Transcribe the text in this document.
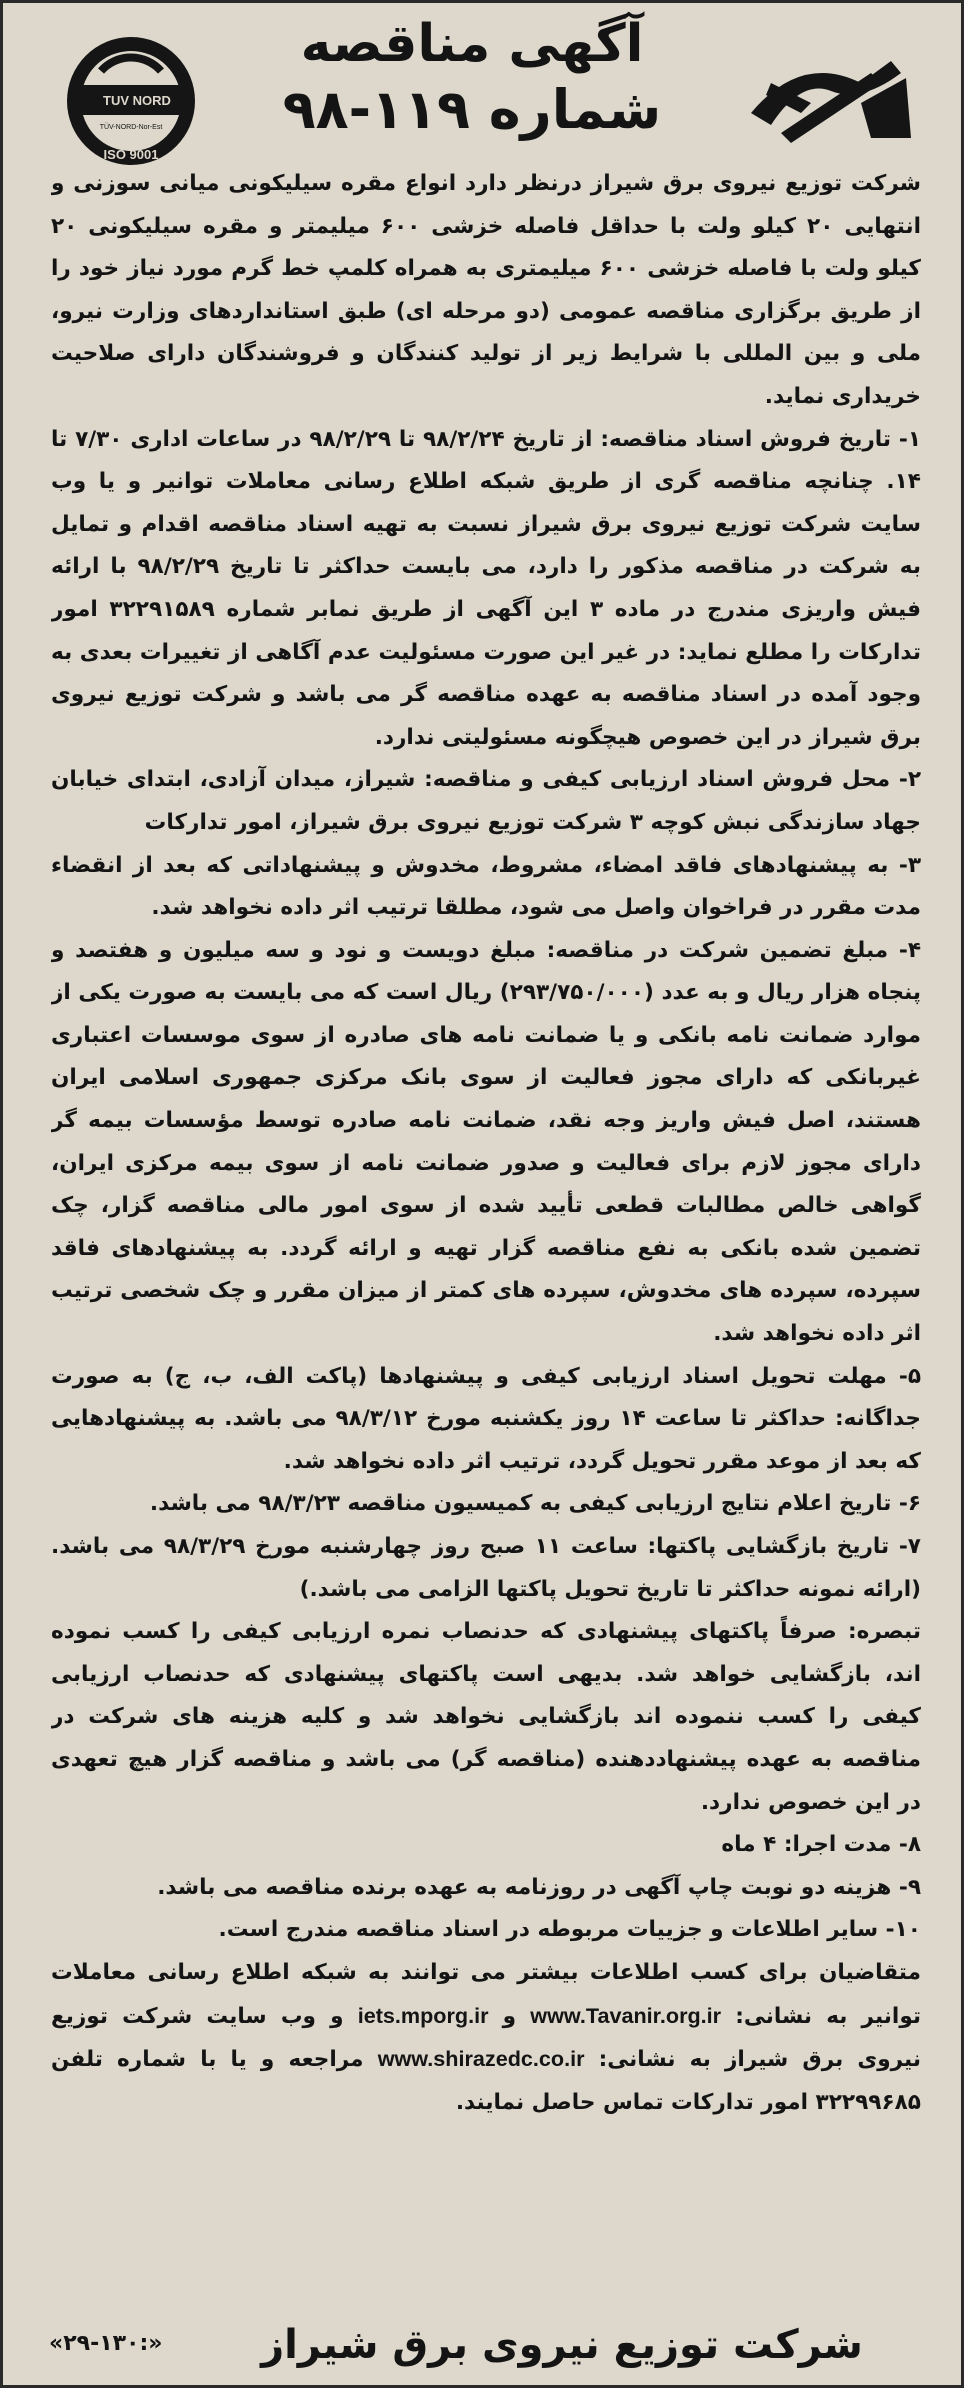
TUV NORD
TÜV-NORD-Nor-Est
ISO 9001
آگهی مناقصه
شماره ۱۱۹-۹۸

شرکت توزیع نیروی برق شیراز درنظر دارد انواع مقره سیلیکونی میانی سوزنی و انتهایی ۲۰ کیلو ولت با حداقل فاصله خزشی ۶۰۰ میلیمتر و مقره سیلیکونی ۲۰ کیلو ولت با فاصله خزشی ۶۰۰ میلیمتری به همراه کلمپ خط گرم مورد نیاز خود را از طریق برگزاری مناقصه عمومی (دو مرحله ای) طبق استانداردهای وزارت نیرو، ملی و بین المللی با شرایط زیر از تولید کنندگان و فروشندگان دارای صلاحیت خریداری نماید.

۱- تاریخ فروش اسناد مناقصه: از تاریخ ۹۸/۲/۲۴ تا ۹۸/۲/۲۹ در ساعات اداری ۷/۳۰ تا ۱۴. چنانچه مناقصه گری از طریق شبکه اطلاع رسانی معاملات توانیر و یا وب سایت شرکت توزیع نیروی برق شیراز نسبت به تهیه اسناد مناقصه اقدام و تمایل به شرکت در مناقصه مذکور را دارد، می بایست حداکثر تا تاریخ ۹۸/۲/۲۹ با ارائه فیش واریزی مندرج در ماده ۳ این آگهی از طریق نمابر شماره ۳۲۲۹۱۵۸۹ امور تدارکات را مطلع نماید: در غیر این صورت مسئولیت عدم آگاهی از تغییرات بعدی به وجود آمده در اسناد مناقصه به عهده مناقصه گر می باشد و شرکت توزیع نیروی برق شیراز در این خصوص هیچگونه مسئولیتی ندارد.

۲- محل فروش اسناد ارزیابی کیفی و مناقصه: شیراز، میدان آزادی، ابتدای خیابان جهاد سازندگی نبش کوچه ۳ شرکت توزیع نیروی برق شیراز، امور تدارکات

۳- به پیشنهادهای فاقد امضاء، مشروط، مخدوش و پیشنهاداتی که بعد از انقضاء مدت مقرر در فراخوان واصل می شود، مطلقا ترتیب اثر داده نخواهد شد.

۴- مبلغ تضمین شرکت در مناقصه: مبلغ دویست و نود و سه میلیون و هفتصد و پنجاه هزار ریال و به عدد (۲۹۳/۷۵۰/۰۰۰) ریال است که می بایست به صورت یکی از موارد ضمانت نامه بانکی و یا ضمانت نامه های صادره از سوی موسسات اعتباری غیربانکی که دارای مجوز فعالیت از سوی بانک مرکزی جمهوری اسلامی ایران هستند، اصل فیش واریز وجه نقد، ضمانت نامه صادره توسط مؤسسات بیمه گر دارای مجوز لازم برای فعالیت و صدور ضمانت نامه از سوی بیمه مرکزی ایران، گواهی خالص مطالبات قطعی تأیید شده از سوی امور مالی مناقصه گزار، چک تضمین شده بانکی به نفع مناقصه گزار تهیه و ارائه گردد. به پیشنهادهای فاقد سپرده، سپرده های مخدوش، سپرده های کمتر از میزان مقرر و چک شخصی ترتیب اثر داده نخواهد شد.

۵- مهلت تحویل اسناد ارزیابی کیفی و پیشنهادها (پاکت الف، ب، ج) به صورت جداگانه: حداکثر تا ساعت ۱۴ روز یکشنبه مورخ ۹۸/۳/۱۲ می باشد. به پیشنهادهایی که بعد از موعد مقرر تحویل گردد، ترتیب اثر داده نخواهد شد.

۶- تاریخ اعلام نتایج ارزیابی کیفی به کمیسیون مناقصه ۹۸/۳/۲۳ می باشد.

۷- تاریخ بازگشایی پاکتها: ساعت ۱۱ صبح روز چهارشنبه مورخ ۹۸/۳/۲۹ می باشد. (ارائه نمونه حداکثر تا تاریخ تحویل پاکتها الزامی می باشد.)

تبصره: صرفاً پاکتهای پیشنهادی که حدنصاب نمره ارزیابی کیفی را کسب نموده اند، بازگشایی خواهد شد. بدیهی است پاکتهای پیشنهادی که حدنصاب ارزیابی کیفی را کسب ننموده اند بازگشایی نخواهد شد و کلیه هزینه های شرکت در مناقصه به عهده پیشنهاددهنده (مناقصه گر) می باشد و مناقصه گزار هیچ تعهدی در این خصوص ندارد.

۸- مدت اجرا: ۴ ماه

۹- هزینه دو نوبت چاپ آگهی در روزنامه به عهده برنده مناقصه می باشد.

۱۰- سایر اطلاعات و جزییات مربوطه در اسناد مناقصه مندرج است.

متقاضیان برای کسب اطلاعات بیشتر می توانند به شبکه اطلاع رسانی معاملات توانیر به نشانی: www.Tavanir.org.ir و iets.mporg.ir و وب سایت شرکت توزیع نیروی برق شیراز به نشانی: www.shirazedc.co.ir مراجعه و یا با شماره تلفن ۳۲۲۹۹۶۸۵ امور تدارکات تماس حاصل نمایند.

شرکت توزیع نیروی برق شیراز
«۲۹-۱۳۰:»
